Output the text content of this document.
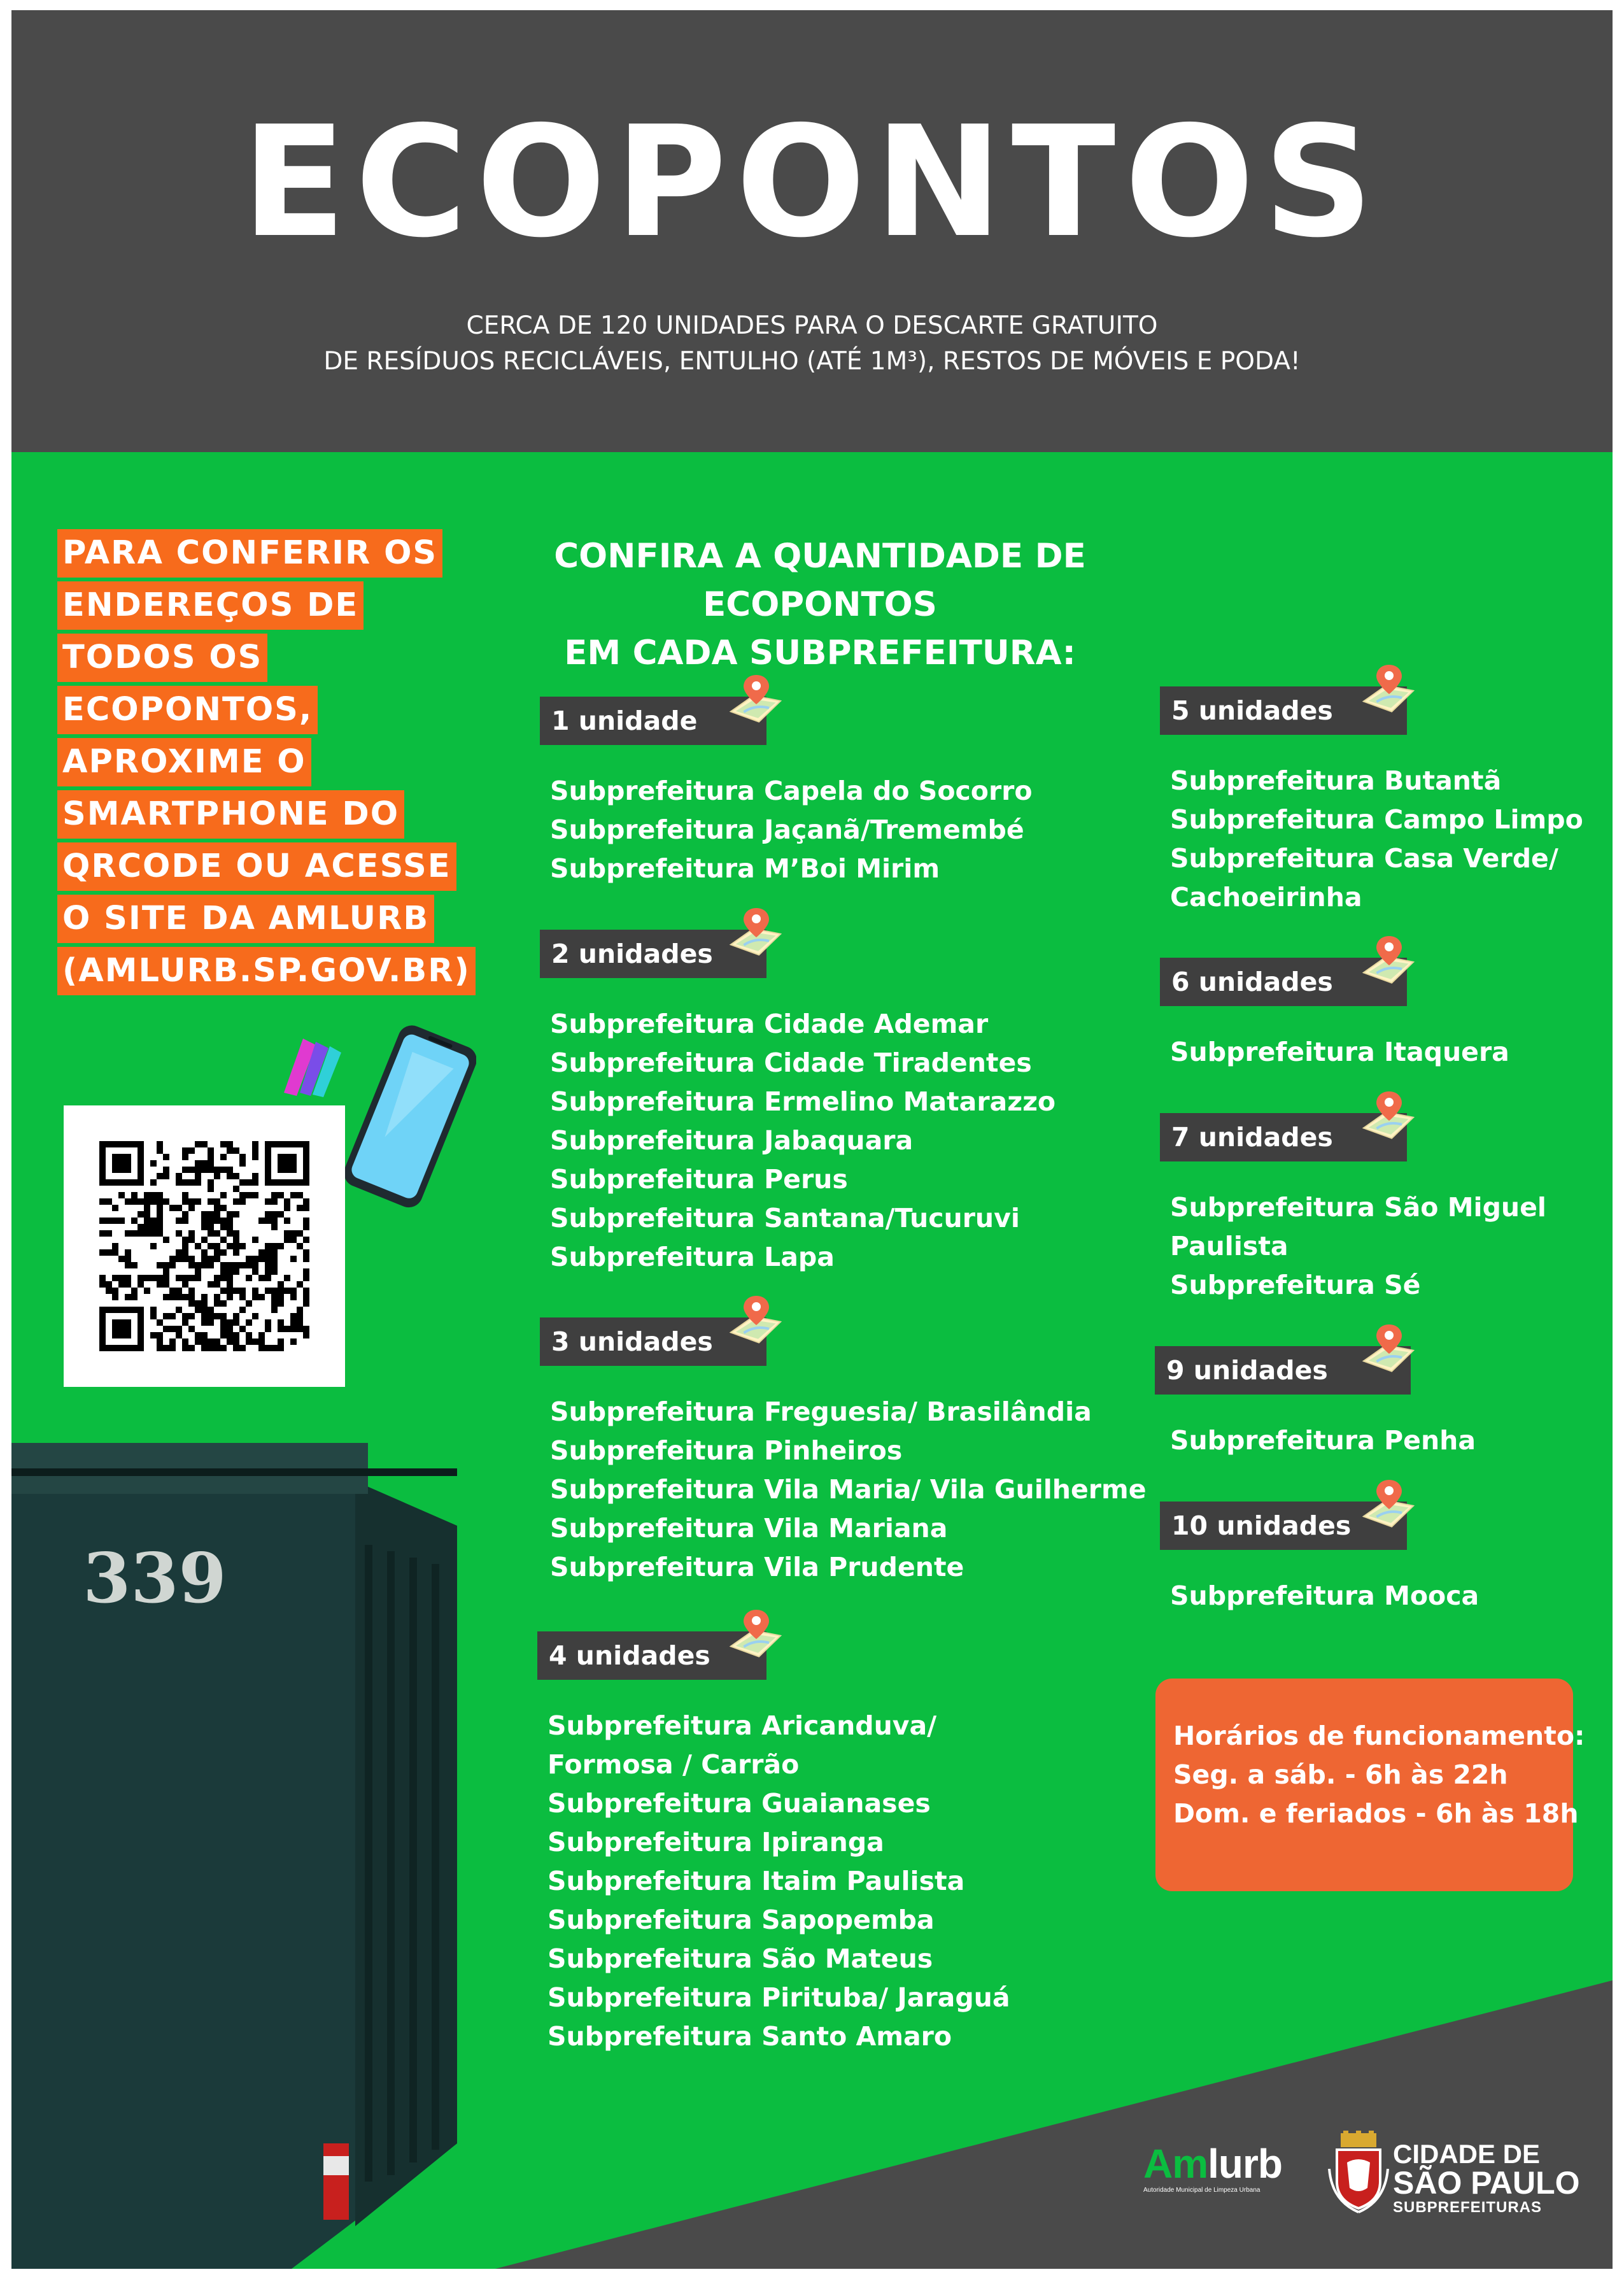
ECOPONTOS
CERCA DE 120 UNIDADES PARA O DESCARTE GRATUITO
DE RESÍDUOS RECICLÁVEIS, ENTULHO (ATÉ 1M³), RESTOS DE MÓVEIS E PODA!
PARA CONFERIR OS
ENDEREÇOS DE
TODOS OS
ECOPONTOS,
APROXIME O
SMARTPHONE DO
QRCODE OU ACESSE
O SITE DA AMLURB
(AMLURB.SP.GOV.BR)
339
CONFIRA A QUANTIDADE DE ECOPONTOS
EM CADA SUBPREFEITURA:
1 unidade
Subprefeitura Capela do Socorro
Subprefeitura Jaçanã/Tremembé
Subprefeitura M’Boi Mirim
2 unidades
Subprefeitura Cidade Ademar
Subprefeitura Cidade Tiradentes
Subprefeitura Ermelino Matarazzo
Subprefeitura Jabaquara
Subprefeitura Perus
Subprefeitura Santana/Tucuruvi
Subprefeitura Lapa
3 unidades
Subprefeitura Freguesia/ Brasilândia
Subprefeitura Pinheiros
Subprefeitura Vila Maria/ Vila Guilherme
Subprefeitura Vila Mariana
Subprefeitura Vila Prudente
4 unidades
Subprefeitura Aricanduva/
Formosa / Carrão
Subprefeitura Guaianases
Subprefeitura Ipiranga
Subprefeitura Itaim Paulista
Subprefeitura Sapopemba
Subprefeitura São Mateus
Subprefeitura Pirituba/ Jaraguá
Subprefeitura Santo Amaro
5 unidades
Subprefeitura Butantã
Subprefeitura Campo Limpo
Subprefeitura Casa Verde/
Cachoeirinha
6 unidades
Subprefeitura Itaquera
7 unidades
Subprefeitura São Miguel
Paulista
Subprefeitura Sé
9 unidades
Subprefeitura Penha
10 unidades
Subprefeitura Mooca
Horários de funcionamento:
Seg. a sáb. - 6h às 22h
Dom. e feriados - 6h às 18h
Amlurb
Autoridade Municipal de Limpeza Urbana
CIDADE DE
SÃO PAULO
SUBPREFEITURAS
